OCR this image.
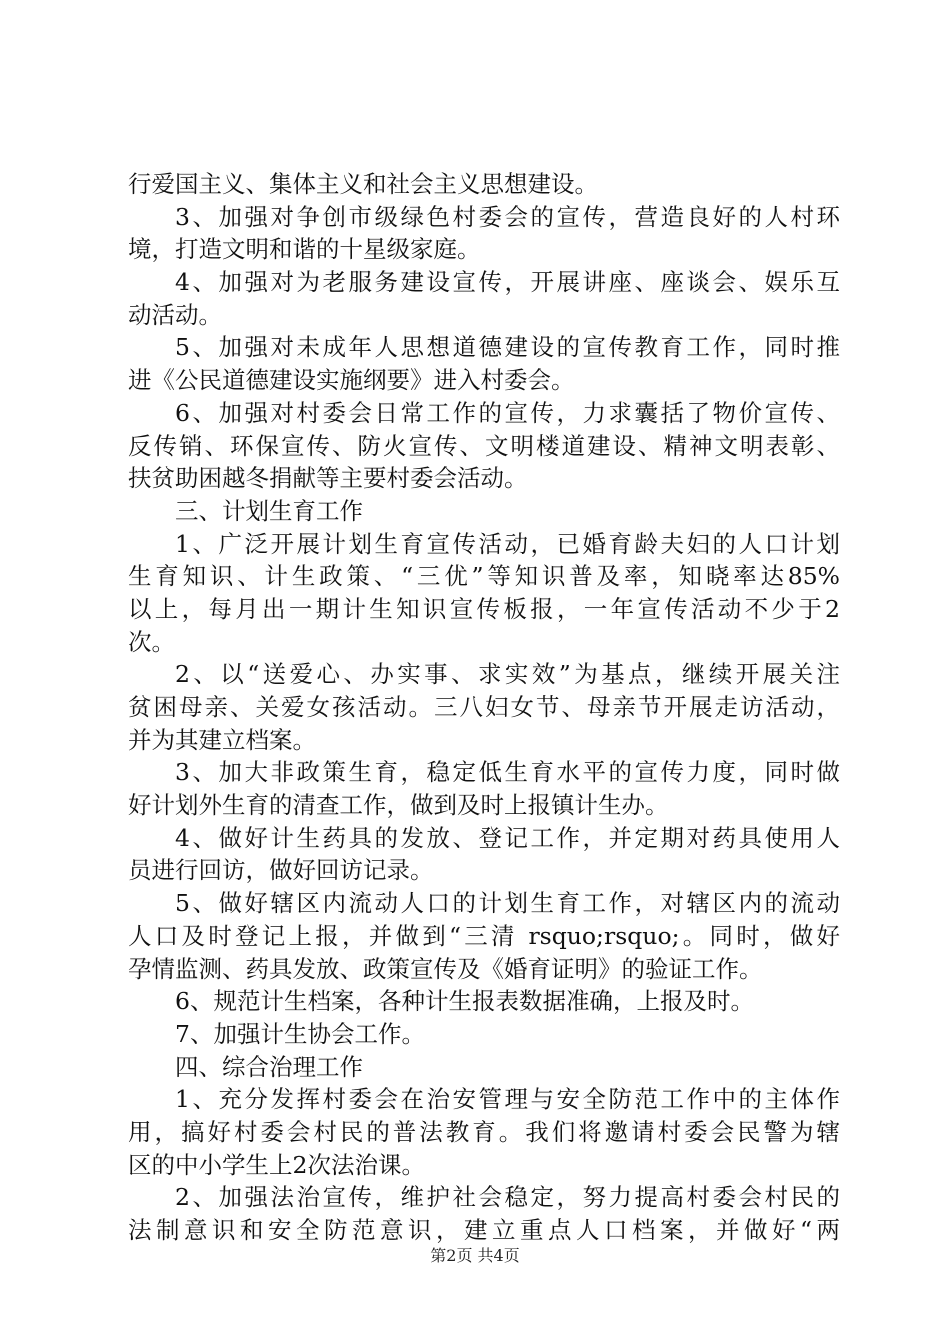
行爱国主义、集体主义和社会主义思想建设。
3、加强对争创市级绿色村委会的宣传，营造良好的人村环
境，打造文明和谐的十星级家庭。
4、加强对为老服务建设宣传，开展讲座、座谈会、娱乐互
动活动。
5、加强对未成年人思想道德建设的宣传教育工作，同时推
进《公民道德建设实施纲要》进入村委会。
6、加强对村委会日常工作的宣传，力求囊括了物价宣传、
反传销、环保宣传、防火宣传、文明楼道建设、精神文明表彰、
扶贫助困越冬捐献等主要村委会活动。
三、计划生育工作
1、广泛开展计划生育宣传活动，已婚育龄夫妇的人口计划
生育知识、计生政策、“三优”等知识普及率，知晓率达85%
以上，每月出一期计生知识宣传板报，一年宣传活动不少于2
次。
2、以“送爱心、办实事、求实效”为基点，继续开展关注
贫困母亲、关爱女孩活动。三八妇女节、母亲节开展走访活动，
并为其建立档案。
3、加大非政策生育，稳定低生育水平的宣传力度，同时做
好计划外生育的清查工作，做到及时上报镇计生办。
4、做好计生药具的发放、登记工作，并定期对药具使用人
员进行回访，做好回访记录。
5、做好辖区内流动人口的计划生育工作，对辖区内的流动
人口及时登记上报，并做到“三清 rsquo;rsquo;。同时，做好
孕情监测、药具发放、政策宣传及《婚育证明》的验证工作。
6、规范计生档案，各种计生报表数据准确，上报及时。
7、加强计生协会工作。
四、综合治理工作
1、充分发挥村委会在治安管理与安全防范工作中的主体作
用，搞好村委会村民的普法教育。我们将邀请村委会民警为辖
区的中小学生上2次法治课。
2、加强法治宣传，维护社会稳定，努力提高村委会村民的
法制意识和安全防范意识，建立重点人口档案，并做好“两
第2页 共4页
